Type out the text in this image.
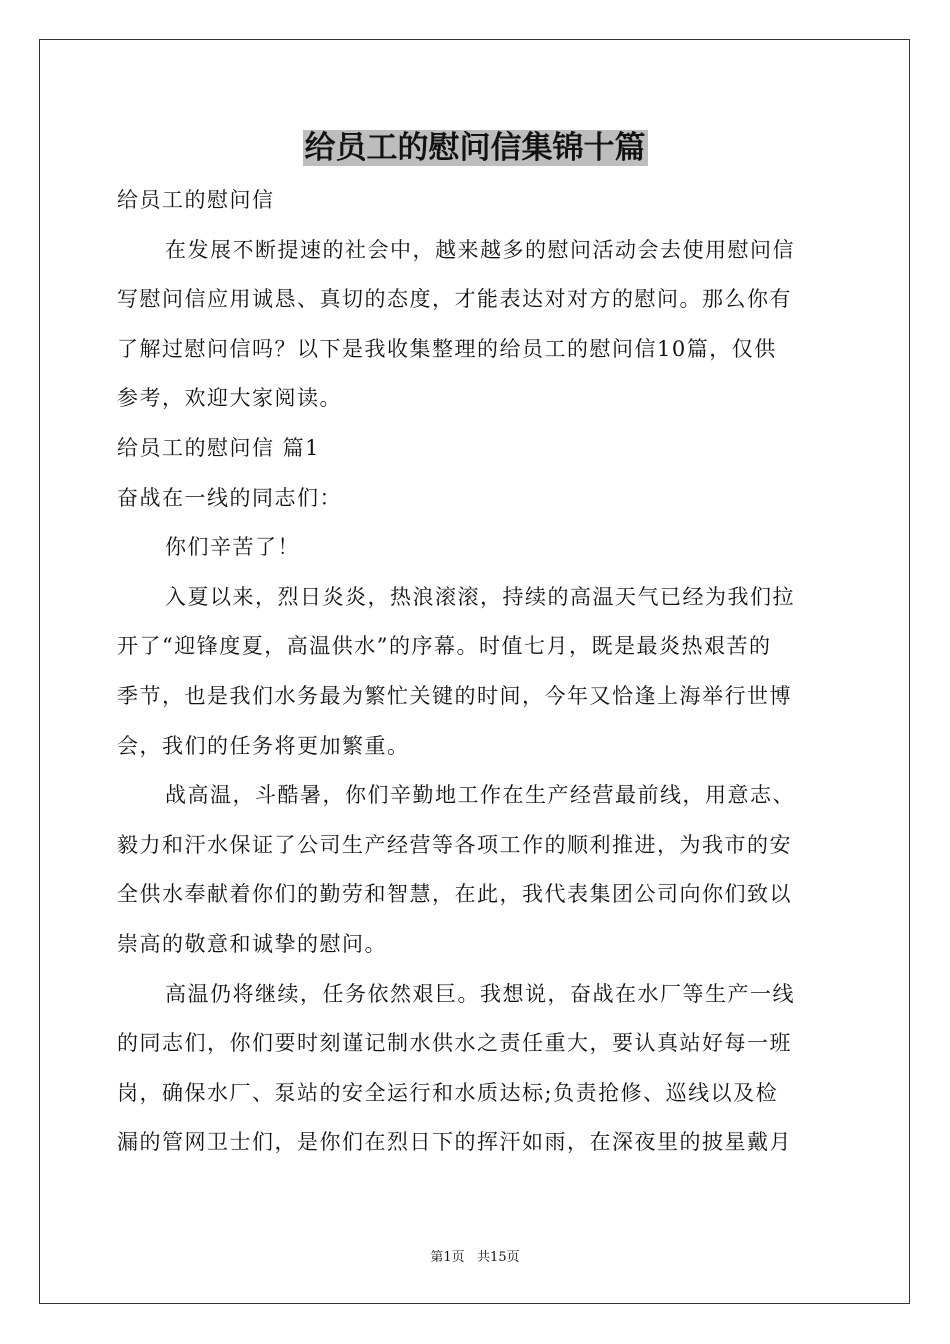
给员工的慰问信集锦十篇

给员工的慰问信

在发展不断提速的社会中，越来越多的慰问活动会去使用慰问信

写慰问信应用诚恳、真切的态度，才能表达对对方的慰问。那么你有

了解过慰问信吗？以下是我收集整理的给员工的慰问信10篇，仅供

参考，欢迎大家阅读。

给员工的慰问信 篇1

奋战在一线的同志们：

你们辛苦了！

入夏以来，烈日炎炎，热浪滚滚，持续的高温天气已经为我们拉

开了“迎锋度夏，高温供水”的序幕。时值七月，既是最炎热艰苦的

季节，也是我们水务最为繁忙关键的时间，今年又恰逢上海举行世博

会，我们的任务将更加繁重。

战高温，斗酷暑，你们辛勤地工作在生产经营最前线，用意志、

毅力和汗水保证了公司生产经营等各项工作的顺利推进，为我市的安

全供水奉献着你们的勤劳和智慧，在此，我代表集团公司向你们致以

崇高的敬意和诚挚的慰问。

高温仍将继续，任务依然艰巨。我想说，奋战在水厂等生产一线

的同志们，你们要时刻谨记制水供水之责任重大，要认真站好每一班

岗，确保水厂、泵站的安全运行和水质达标;负责抢修、巡线以及检

漏的管网卫士们，是你们在烈日下的挥汗如雨，在深夜里的披星戴月

第1页   共15页
